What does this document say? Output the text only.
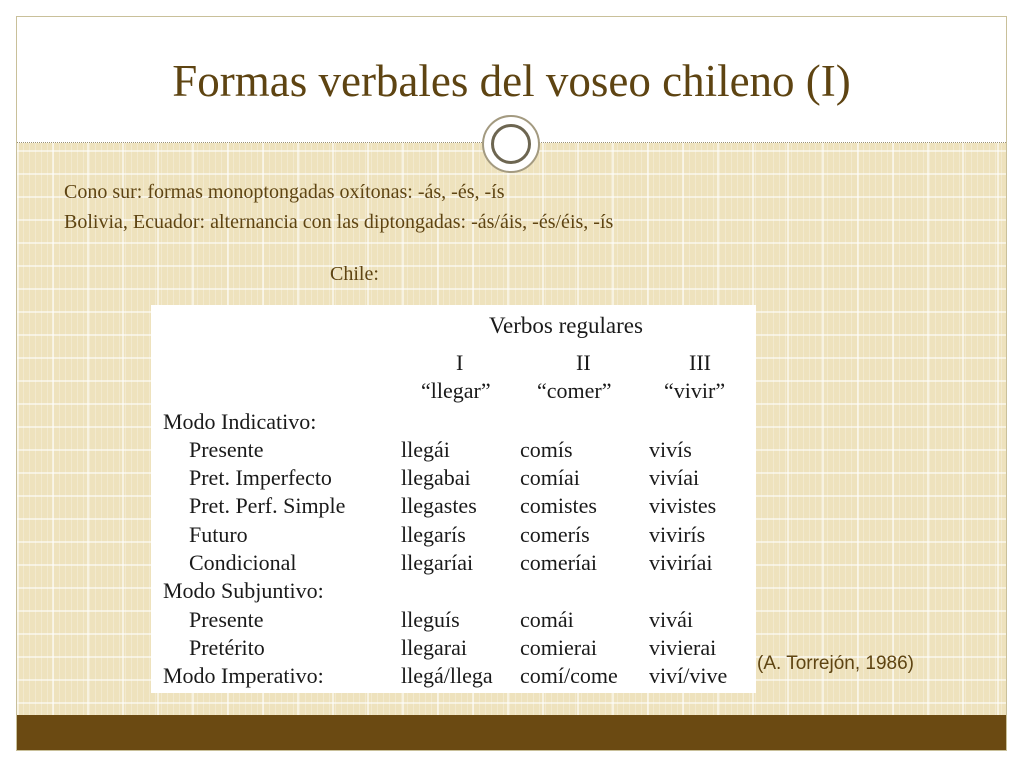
Formas verbales del voseo chileno (I)
Cono sur: formas monoptongadas oxítonas: -ás, -és, -ís
Bolivia, Ecuador: alternancia con las diptongadas: -ás/áis, -és/éis, -ís
Chile:
Verbos regulares
I	II	III
“llegar” “comer” “vivir”
Modo Indicativo:
Presente	llegái	comís	vivís
Pret. Imperfecto	llegabai comíai	vivíai
Pret. Perf. Simple	llegastes comistes vivistes
Futuro	llegarís comerís	vivirís
Condicional	llegaríai comeríai viviríai
Modo Subjuntivo:
Presente	lleguís	comái	vivái
Pretérito	llegarai comierai vivierai
Modo Imperativo:	llegá/llega comí/come viví/vive (A. Torrejón, 1986)
